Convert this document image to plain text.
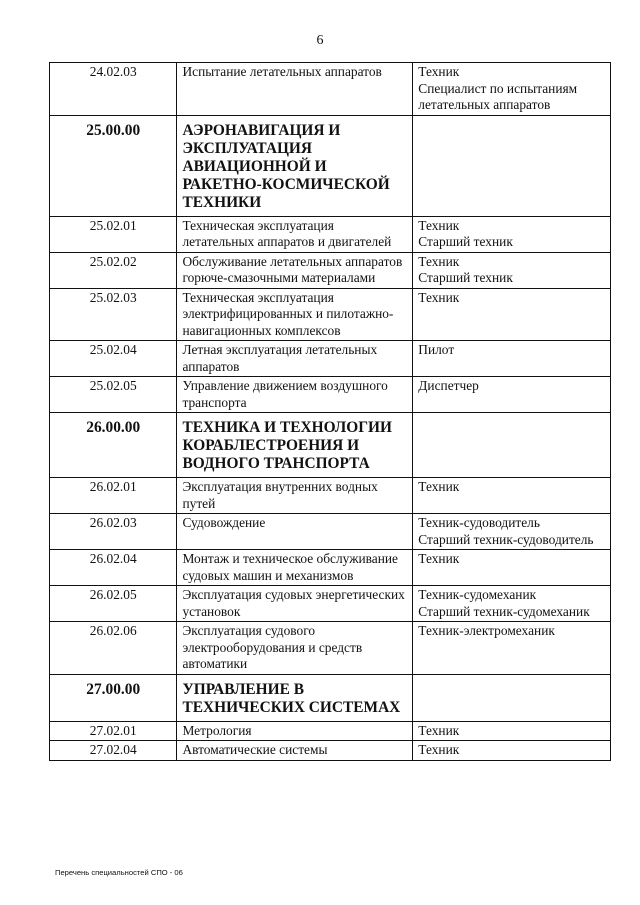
6
24.02.03	Испытание летательных аппаратов	Техник
Специалист по испытаниям летательных аппаратов

25.00.00	АЭРОНАВИГАЦИЯ И ЭКСПЛУАТАЦИЯ АВИАЦИОННОЙ И РАКЕТНО-КОСМИЧЕСКОЙ ТЕХНИКИ	
25.02.01	Техническая эксплуатация летательных аппаратов и двигателей	Техник
Старший техник

25.02.02	Обслуживание летательных аппаратов горюче-смазочными материалами	Техник
Старший техник

25.02.03	Техническая эксплуатация электрифицированных и пилотажно-навигационных комплексов	Техник

25.02.04	Летная эксплуатация летательных аппаратов	Пилот

25.02.05	Управление движением воздушного транспорта	Диспетчер

26.00.00	ТЕХНИКА И ТЕХНОЛОГИИ КОРАБЛЕСТРОЕНИЯ И ВОДНОГО ТРАНСПОРТА	
26.02.01	Эксплуатация внутренних водных путей	Техник

26.02.03	Судовождение	Техник-судоводитель
Старший техник-судоводитель

26.02.04	Монтаж и техническое обслуживание судовых машин и механизмов	Техник

26.02.05	Эксплуатация судовых энергетических установок	Техник-судомеханик
Старший техник-судомеханик

26.02.06	Эксплуатация судового электрооборудования и средств автоматики	Техник-электромеханик

27.00.00	УПРАВЛЕНИЕ В ТЕХНИЧЕСКИХ СИСТЕМАХ	
27.02.01	Метрология	Техник

27.02.04	Автоматические системы	Техник
Перечень специальностей СПО - 06
